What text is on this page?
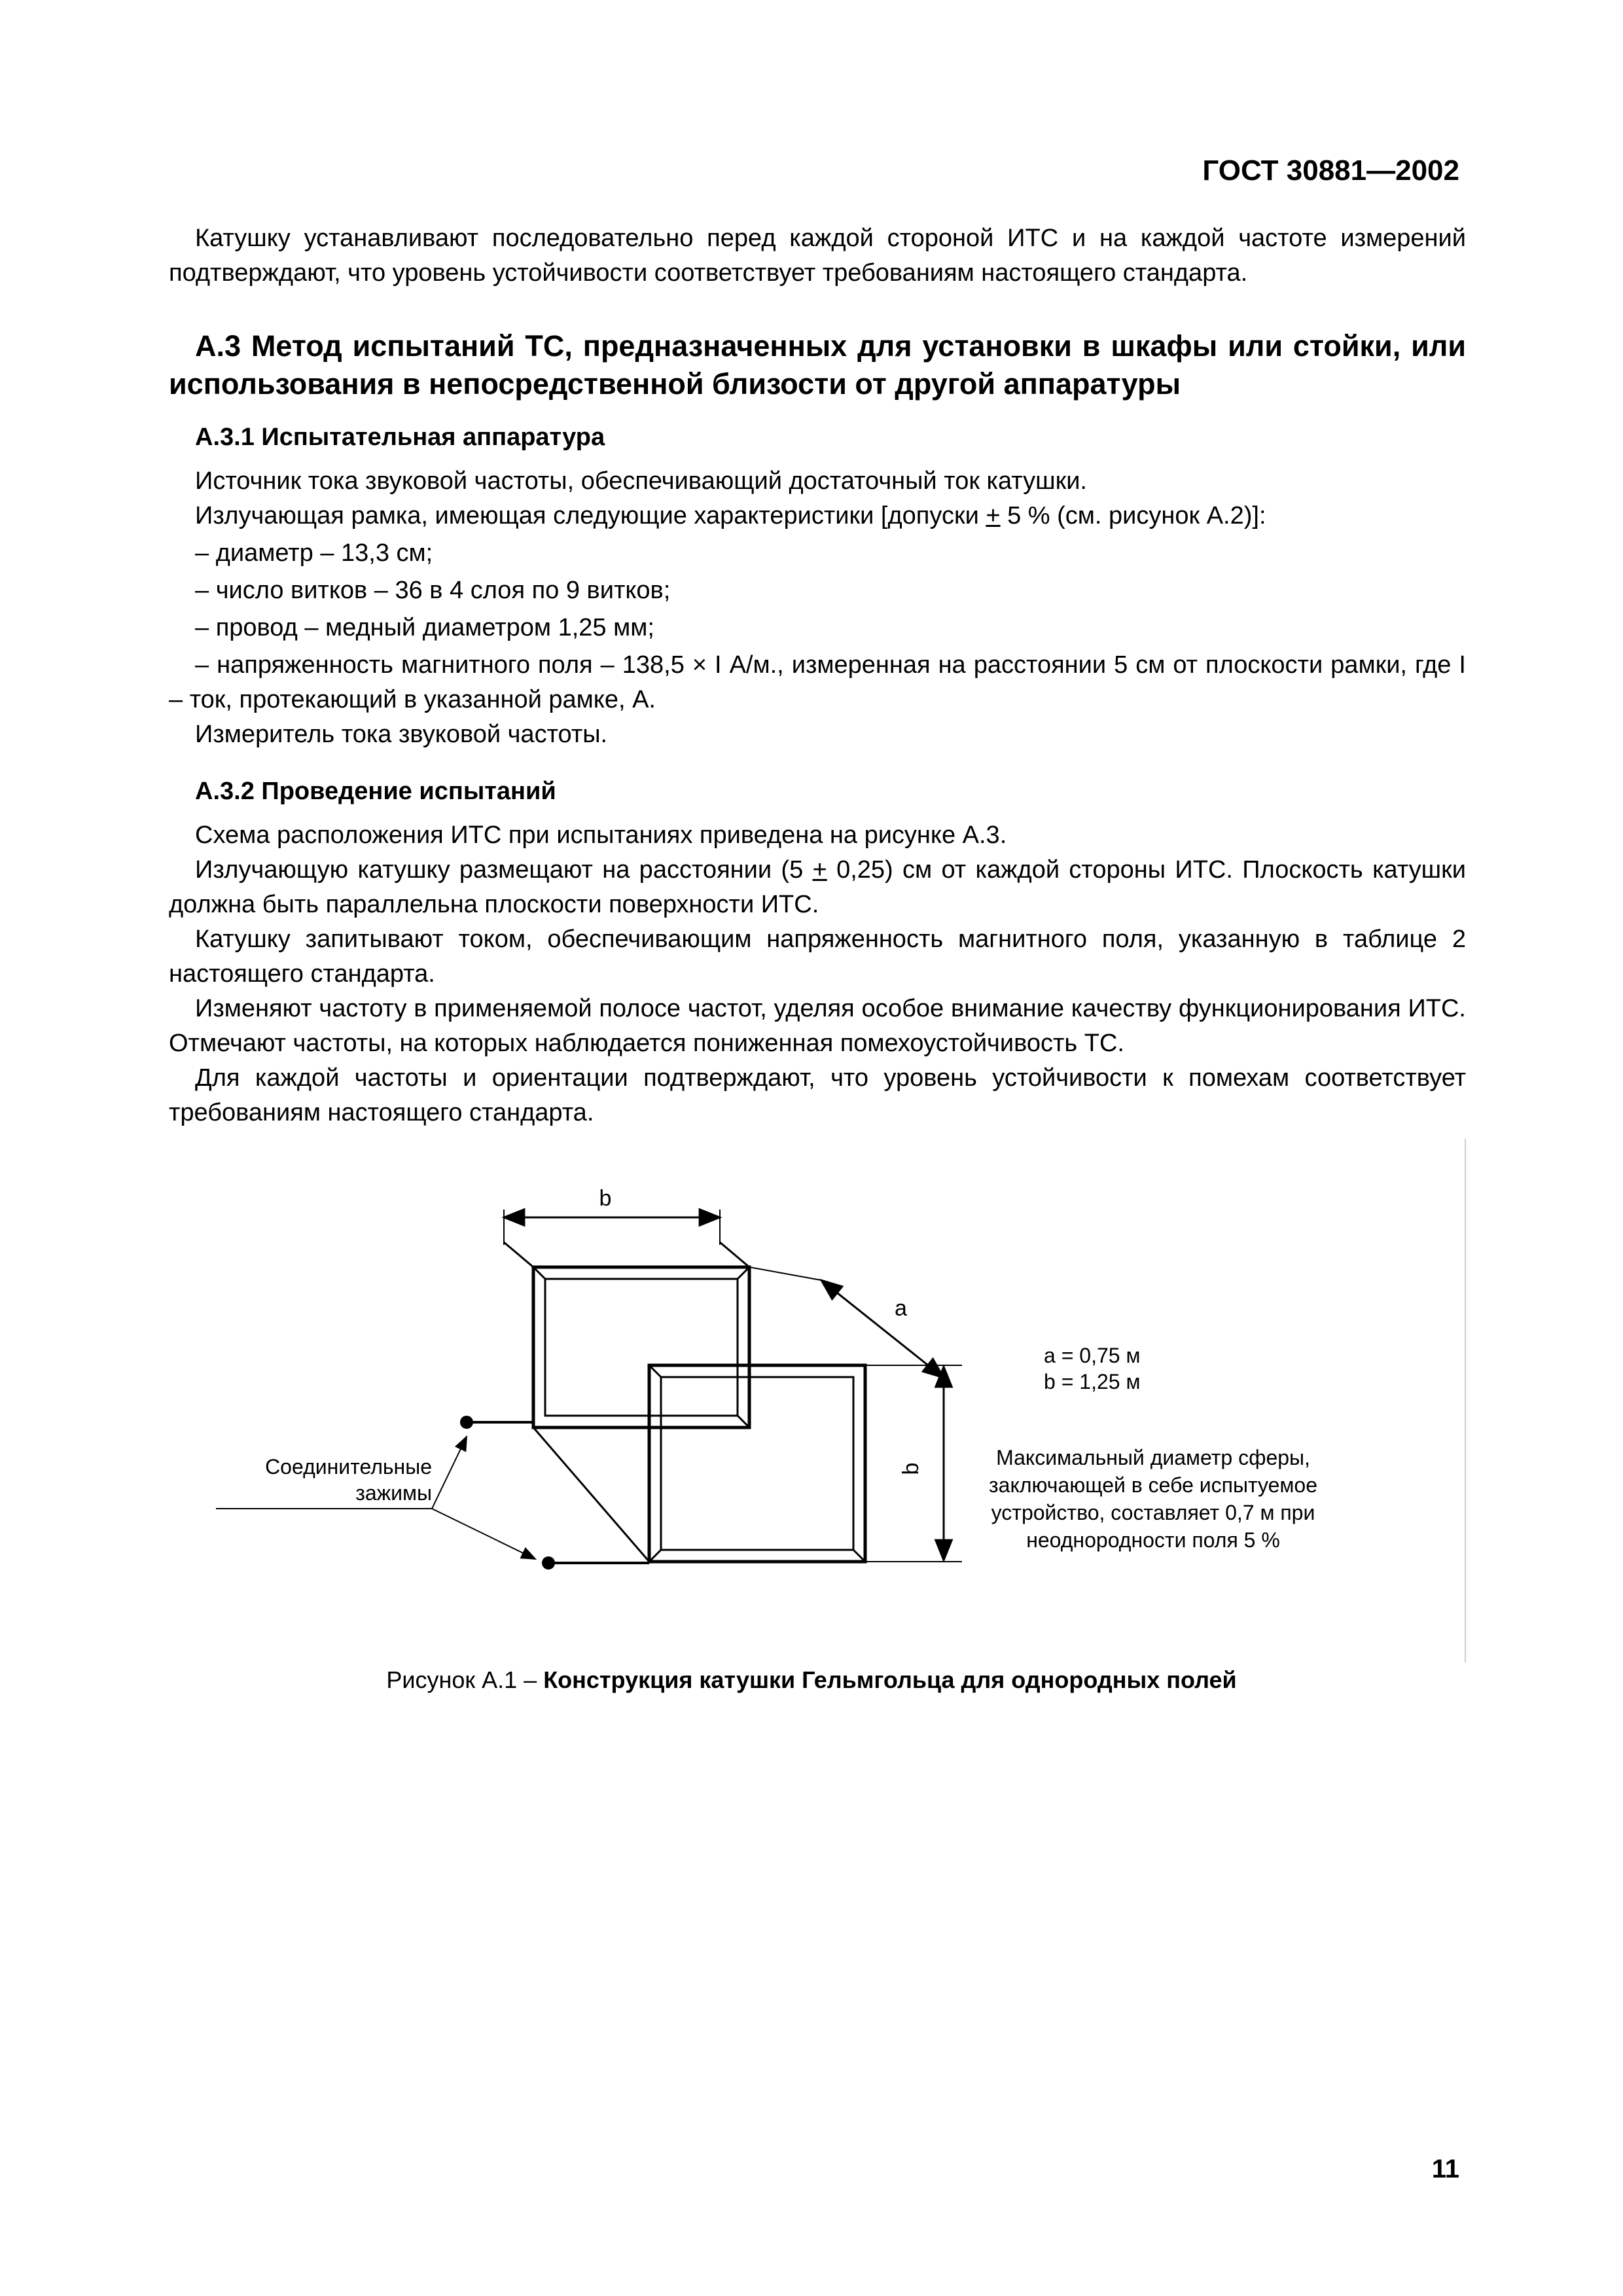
ГОСТ 30881—2002

Катушку устанавливают последовательно перед каждой стороной ИТС и на каждой частоте измерений подтверждают, что уровень устойчивости соответствует требованиям настоящего стандарта.

А.3 Метод испытаний ТС, предназначенных для установки в шкафы или стойки, или использования в непосредственной близости от другой аппаратуры

А.3.1 Испытательная аппаратура

Источник тока звуковой частоты, обеспечивающий достаточный ток катушки.

Излучающая рамка, имеющая следующие характеристики [допуски + 5 % (см. рисунок А.2)]:

– диаметр – 13,3 см;

– число витков – 36 в 4 слоя по 9 витков;

– провод – медный диаметром 1,25 мм;

– напряженность магнитного поля – 138,5 × I А/м., измеренная на расстоянии 5 см от плоскости рамки, где I – ток, протекающий в указанной рамке, А.

Измеритель тока звуковой частоты.

А.3.2 Проведение испытаний

Схема расположения ИТС при испытаниях приведена на рисунке А.3.

Излучающую катушку размещают на расстоянии (5 + 0,25) см от каждой стороны ИТС. Плоскость катушки должна быть параллельна плоскости поверхности ИТС.

Катушку запитывают током, обеспечивающим напряженность магнитного поля, указанную в таблице 2 настоящего стандарта.

Изменяют частоту в применяемой полосе частот, уделяя особое внимание качеству функционирования ИТС. Отмечают частоты, на которых наблюдается пониженная помехоустойчивость ТС.

Для каждой частоты и ориентации подтверждают, что уровень устойчивости к помехам соответствует требованиям настоящего стандарта.

b
a
b
a = 0,75 м
b = 1,25 м
Соединительные
зажимы
Максимальный диаметр сферы,
заключающей в себе испытуемое
устройство, составляет 0,7 м при
неоднородности поля 5 %
Рисунок А.1 – Конструкция катушки Гельмгольца для однородных полей
11
